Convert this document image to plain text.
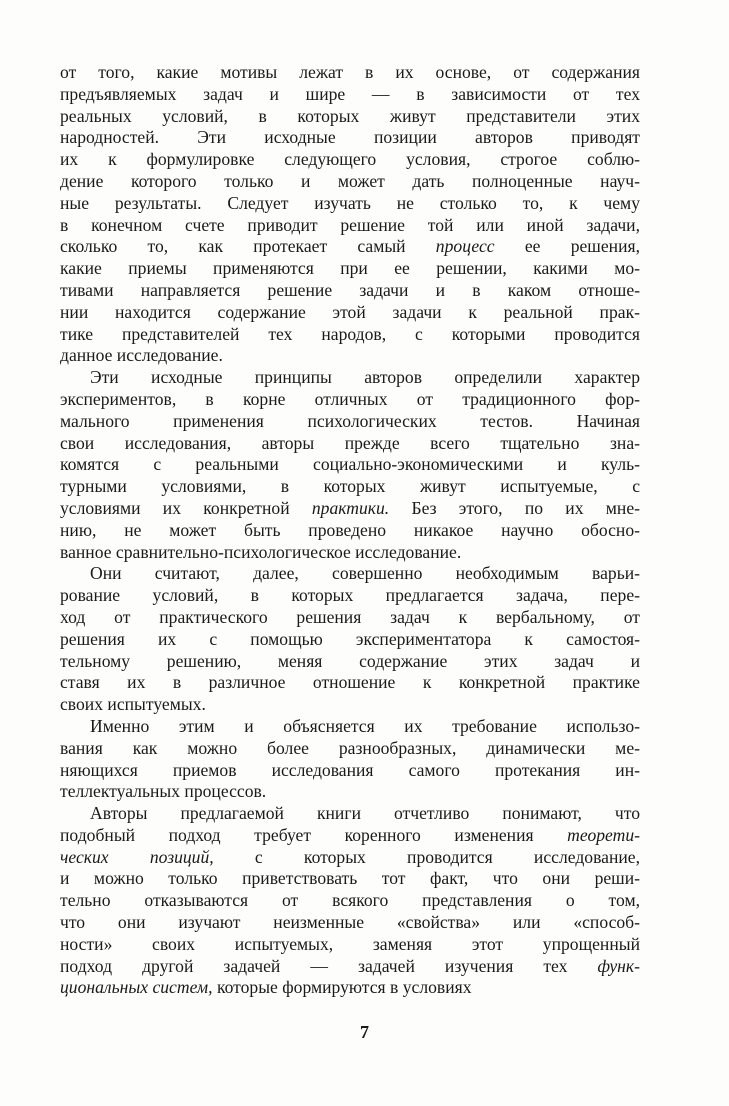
от того, какие мотивы лежат в их основе, от содержания
предъявляемых задач и шире — в зависимости от тех
реальных условий, в которых живут представители этих
народностей. Эти исходные позиции авторов приводят
их к формулировке следующего условия, строгое соблю-
дение которого только и может дать полноценные науч-
ные результаты. Следует изучать не столько то, к чему
в конечном счете приводит решение той или иной задачи,
сколько то, как протекает самый процесс ее решения,
какие приемы применяются при ее решении, какими мо-
тивами направляется решение задачи и в каком отноше-
нии находится содержание этой задачи к реальной прак-
тике представителей тех народов, с которыми проводится
данное исследование.
Эти исходные принципы авторов определили характер
экспериментов, в корне отличных от традиционного фор-
мального применения психологических тестов. Начиная
свои исследования, авторы прежде всего тщательно зна-
комятся с реальными социально-экономическими и куль-
турными условиями, в которых живут испытуемые, с
условиями их конкретной практики. Без этого, по их мне-
нию, не может быть проведено никакое научно обосно-
ванное сравнительно-психологическое исследование.
Они считают, далее, совершенно необходимым варьи-
рование условий, в которых предлагается задача, пере-
ход от практического решения задач к вербальному, от
решения их с помощью экспериментатора к самостоя-
тельному решению, меняя содержание этих задач и
ставя их в различное отношение к конкретной практике
своих испытуемых.
Именно этим и объясняется их требование использо-
вания как можно более разнообразных, динамически ме-
няющихся приемов исследования самого протекания ин-
теллектуальных процессов.
Авторы предлагаемой книги отчетливо понимают, что
подобный подход требует коренного изменения теорети-
ческих позиций, с которых проводится исследование,
и можно только приветствовать тот факт, что они реши-
тельно отказываются от всякого представления о том,
что они изучают неизменные «свойства» или «способ-
ности» своих испытуемых, заменяя этот упрощенный
подход другой задачей — задачей изучения тех функ-
циональных систем, которые формируются в условиях
7
